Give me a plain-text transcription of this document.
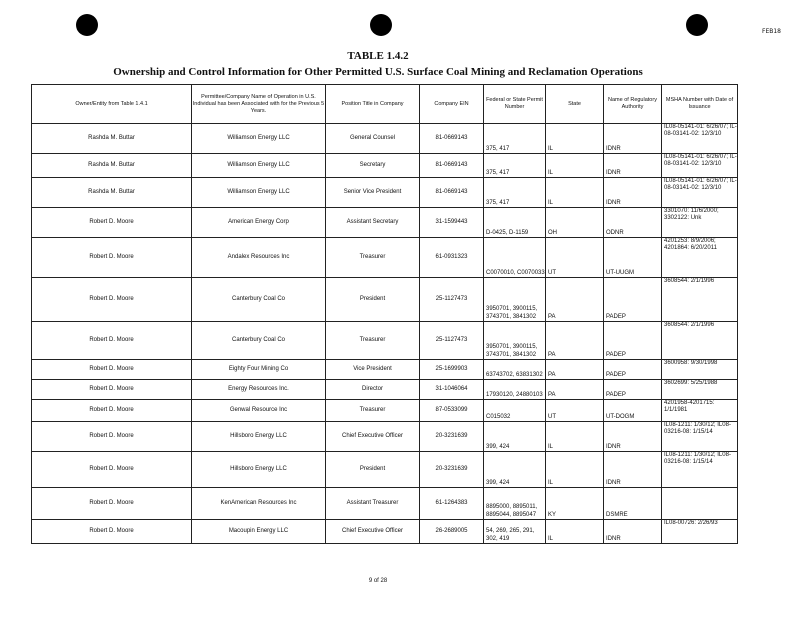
FEB18
TABLE 1.4.2
Ownership and Control Information for Other Permitted U.S. Surface Coal Mining and Reclamation Operations
Owner/Entity from Table 1.4.1	Permittee/Company Name of Operation in U.S. Individual has been Associated with for the Previous 5 Years.	Position Title in Company	Company EIN	Federal or State Permit Number	State	Name of Regulatory Authority	MSHA Number with Date of Issuance
Rashda M. Buttar	Williamson Energy LLC	General Counsel	81-0669143	375, 417	IL	IDNR	IL08-05141-01: 6/26/07; IL-08-03141-02: 12/3/10
Rashda M. Buttar	Williamson Energy LLC	Secretary	81-0669143	375, 417	IL	IDNR	IL08-05141-01: 6/26/07; IL-08-03141-02: 12/3/10
Rashda M. Buttar	Williamson Energy LLC	Senior Vice President	81-0669143	375, 417	IL	IDNR	IL08-05141-01: 6/26/07; IL-08-03141-02: 12/3/10
Robert D. Moore	American Energy Corp	Assistant Secretary	31-1599443	D-0425, D-1159	OH	ODNR	3301070: 11/6/2000; 3302122: Unk
Robert D. Moore	Andalex Resources Inc	Treasurer	61-0931323	C0070010, C0070033	UT	UT-UUGM	4201253: 8/9/2006; 4201864: 6/20/2011
Robert D. Moore	Canterbury Coal Co	President	25-1127473	3950701, 3900115, 3743701, 3841302	PA	PADEP	3608544: 2/1/1996
Robert D. Moore	Canterbury Coal Co	Treasurer	25-1127473	3950701, 3900115, 3743701, 3841302	PA	PADEP	3608544: 2/1/1996
Robert D. Moore	Eighty Four Mining Co	Vice President	25-1699903	63743702, 63831302	PA	PADEP	3600958: 9/30/1998
Robert D. Moore	Energy Resources Inc.	Director	31-1046064	17930120, 24880103	PA	PADEP	3602699: 5/25/1988
Robert D. Moore	Genwal Resource Inc	Treasurer	87-0533099	C015032	UT	UT-DOGM	4201958-4201715: 1/1/1981
Robert D. Moore	Hillsboro Energy LLC	Chief Executive Officer	20-3231639	399, 424	IL	IDNR	IL08-1211: 1/30/12; IL08-03216-08: 1/15/14
Robert D. Moore	Hillsboro Energy LLC	President	20-3231639	399, 424	IL	IDNR	IL08-1211: 1/30/12; IL08-03216-08: 1/15/14
Robert D. Moore	KenAmerican Resources Inc	Assistant Treasurer	61-1264383	8895000, 8895011, 8895044, 8895047	KY	DSMRE	
Robert D. Moore	Macoupin Energy LLC	Chief Executive Officer	26-2689005	54, 269, 265, 291, 302, 419	IL	IDNR	IL08-00726: 2/26/93
9 of 28
